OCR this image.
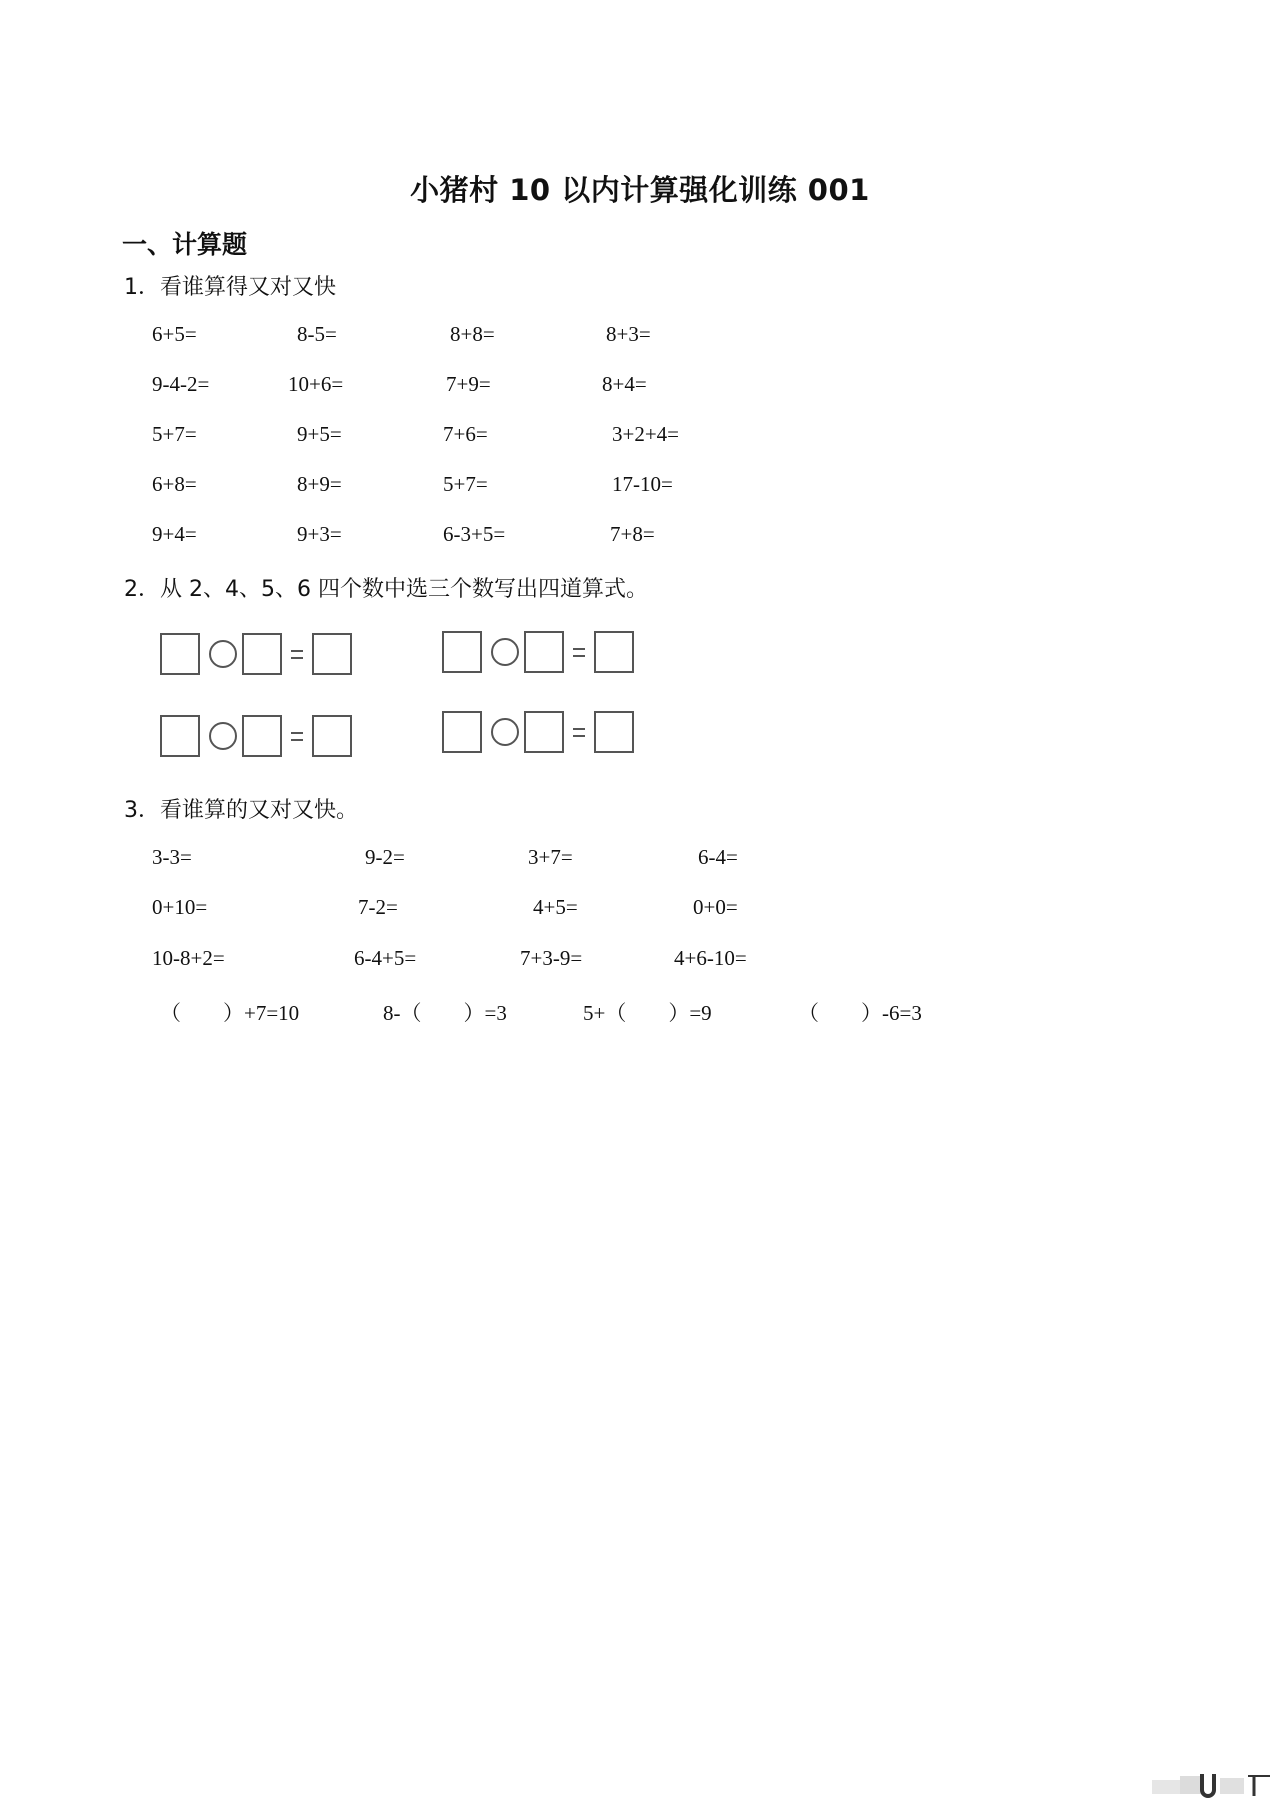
小猪村 10 以内计算强化训练 001
一、计算题
1．看谁算得又对又快
6+5=	8-5=	8+8=	8+3=
9-4-2=	10+6=	7+9=	8+4=
5+7=	9+5=	7+6=	3+2+4=
6+8=	8+9=	5+7=	17-10=
9+4=	9+3=	6-3+5=	7+8=
2．从 2、4、5、6 四个数中选三个数写出四道算式。
3．看谁算的又对又快。
3-3=	9-2=	3+7=	6-4=
0+10=	7-2=	4+5=	0+0=
10-8+2=	6-4+5=	7+3-9=	4+6-10=
（　　）+7=10	8-（　　）=3	5+（　　）=9	（　　）-6=3
